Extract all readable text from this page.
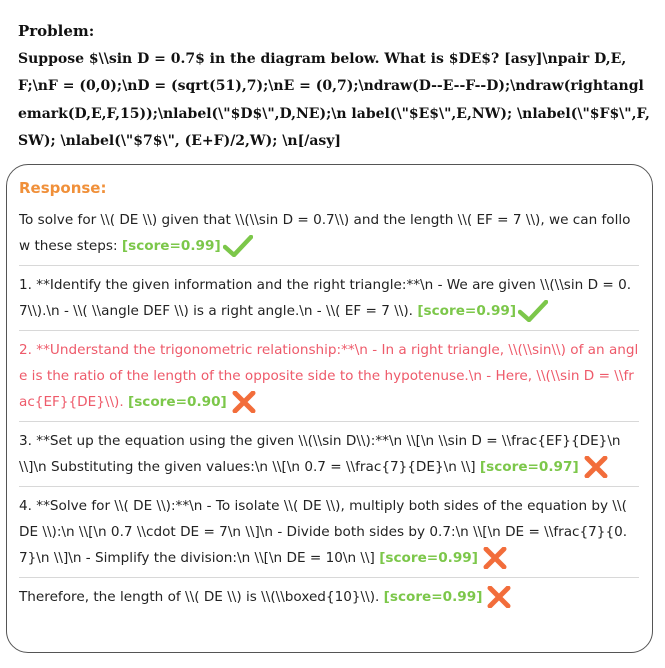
Problem:
Suppose $\\sin D = 0.7$ in the diagram below. What is $DE$? [asy]\npair D,E,F;\nF = (0,0);\nD = (sqrt(51),7);\nE = (0,7);\ndraw(D--E--F--D);\ndraw(rightanglemark(D,E,F,15));\nlabel(\"$D$\",D,NE);\n label(\"$E$\",E,NW); \nlabel(\"$F$\",F,SW); \nlabel(\"$7$\", (E+F)/2,W); \n[/asy]
Response:
To solve for \\( DE \\) given that \\(\\sin D = 0.7\\) and the length \\( EF = 7 \\), we can follow these steps: [score=0.99]
1. **Identify the given information and the right triangle:**\n - We are given \\(\\sin D = 0.7\\).\n - \\( \\angle DEF \\) is a right angle.\n - \\( EF = 7 \\). [score=0.99]
2. **Understand the trigonometric relationship:**\n - In a right triangle, \\(\\sin\\) of an angle is the ratio of the length of the opposite side to the hypotenuse.\n - Here, \\(\\sin D = \\frac{EF}{DE}\\). [score=0.90]
3. **Set up the equation using the given \\(\\sin D\\):**\n \\[\n \\sin D = \\frac{EF}{DE}\n \\]\n Substituting the given values:\n \\[\n 0.7 = \\frac{7}{DE}\n \\] [score=0.97]
4. **Solve for \\( DE \\):**\n - To isolate \\( DE \\), multiply both sides of the equation by \\( DE \\):\n \\[\n 0.7 \\cdot DE = 7\n \\]\n - Divide both sides by 0.7:\n \\[\n DE = \\frac{7}{0.7}\n \\]\n - Simplify the division:\n \\[\n DE = 10\n \\] [score=0.99]
Therefore, the length of \\( DE \\) is \\(\\boxed{10}\\). [score=0.99]
